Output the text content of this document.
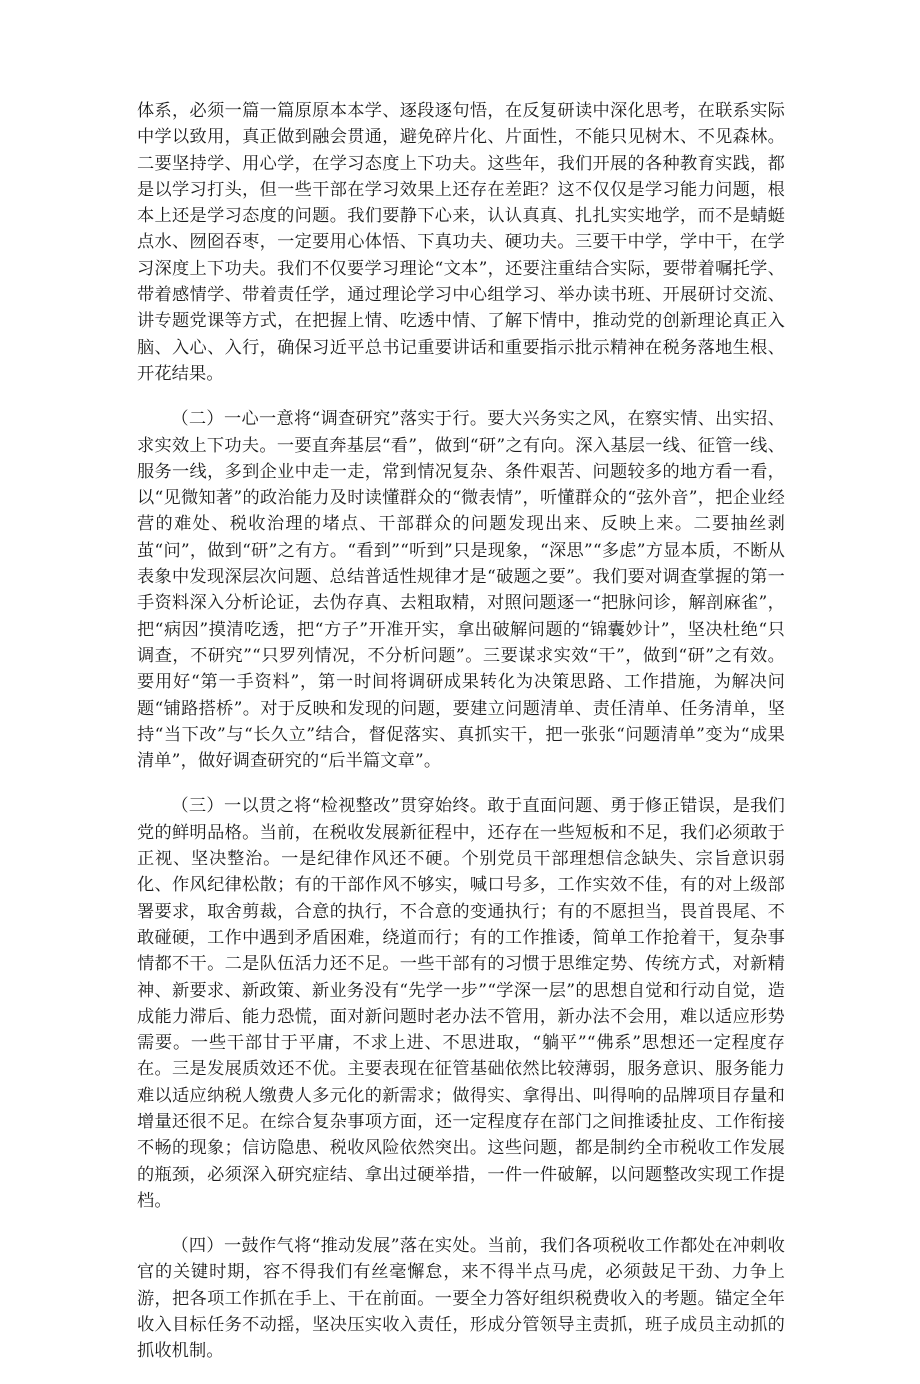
体系，必须一篇一篇原原本本学、逐段逐句悟，在反复研读中深化思考，在联系实际中学以致用，真正做到融会贯通，避免碎片化、片面性，不能只见树木、不见森林。二要坚持学、用心学，在学习态度上下功夫。这些年，我们开展的各种教育实践，都是以学习打头，但一些干部在学习效果上还存在差距？这不仅仅是学习能力问题，根本上还是学习态度的问题。我们要静下心来，认认真真、扎扎实实地学，而不是蜻蜓点水、囫囵吞枣，一定要用心体悟、下真功夫、硬功夫。三要干中学，学中干，在学习深度上下功夫。我们不仅要学习理论“文本”，还要注重结合实际，要带着嘱托学、带着感情学、带着责任学，通过理论学习中心组学习、举办读书班、开展研讨交流、讲专题党课等方式，在把握上情、吃透中情、了解下情中，推动党的创新理论真正入脑、入心、入行，确保习近平总书记重要讲话和重要指示批示精神在税务落地生根、开花结果。

（二）一心一意将“调查研究”落实于行。要大兴务实之风，在察实情、出实招、求实效上下功夫。一要直奔基层“看”，做到“研”之有向。深入基层一线、征管一线、服务一线，多到企业中走一走，常到情况复杂、条件艰苦、问题较多的地方看一看，以“见微知著”的政治能力及时读懂群众的“微表情”，听懂群众的“弦外音”，把企业经营的难处、税收治理的堵点、干部群众的问题发现出来、反映上来。二要抽丝剥茧“问”，做到“研”之有方。“看到”“听到”只是现象，“深思”“多虑”方显本质，不断从表象中发现深层次问题、总结普适性规律才是“破题之要”。我们要对调查掌握的第一手资料深入分析论证，去伪存真、去粗取精，对照问题逐一“把脉问诊，解剖麻雀”，把“病因”摸清吃透，把“方子”开准开实，拿出破解问题的“锦囊妙计”，坚决杜绝“只调查，不研究”“只罗列情况，不分析问题”。三要谋求实效“干”，做到“研”之有效。要用好“第一手资料”，第一时间将调研成果转化为决策思路、工作措施，为解决问题“铺路搭桥”。对于反映和发现的问题，要建立问题清单、责任清单、任务清单，坚持“当下改”与“长久立”结合，督促落实、真抓实干，把一张张“问题清单”变为“成果清单”，做好调查研究的“后半篇文章”。

（三）一以贯之将“检视整改”贯穿始终。敢于直面问题、勇于修正错误，是我们党的鲜明品格。当前，在税收发展新征程中，还存在一些短板和不足，我们必须敢于正视、坚决整治。一是纪律作风还不硬。个别党员干部理想信念缺失、宗旨意识弱化、作风纪律松散；有的干部作风不够实，喊口号多，工作实效不佳，有的对上级部署要求，取舍剪裁，合意的执行，不合意的变通执行；有的不愿担当，畏首畏尾、不敢碰硬，工作中遇到矛盾困难，绕道而行；有的工作推诿，简单工作抢着干，复杂事情都不干。二是队伍活力还不足。一些干部有的习惯于思维定势、传统方式，对新精神、新要求、新政策、新业务没有“先学一步”“学深一层”的思想自觉和行动自觉，造成能力滞后、能力恐慌，面对新问题时老办法不管用，新办法不会用，难以适应形势需要。一些干部甘于平庸，不求上进、不思进取，“躺平”“佛系”思想还一定程度存在。三是发展质效还不优。主要表现在征管基础依然比较薄弱，服务意识、服务能力难以适应纳税人缴费人多元化的新需求；做得实、拿得出、叫得响的品牌项目存量和增量还很不足。在综合复杂事项方面，还一定程度存在部门之间推诿扯皮、工作衔接不畅的现象；信访隐患、税收风险依然突出。这些问题，都是制约全市税收工作发展的瓶颈，必须深入研究症结、拿出过硬举措，一件一件破解，以问题整改实现工作提档。

（四）一鼓作气将“推动发展”落在实处。当前，我们各项税收工作都处在冲刺收官的关键时期，容不得我们有丝毫懈怠，来不得半点马虎，必须鼓足干劲、力争上游，把各项工作抓在手上、干在前面。一要全力答好组织税费收入的考题。锚定全年收入目标任务不动摇，坚决压实收入责任，形成分管领导主责抓，班子成员主动抓的抓收机制。
